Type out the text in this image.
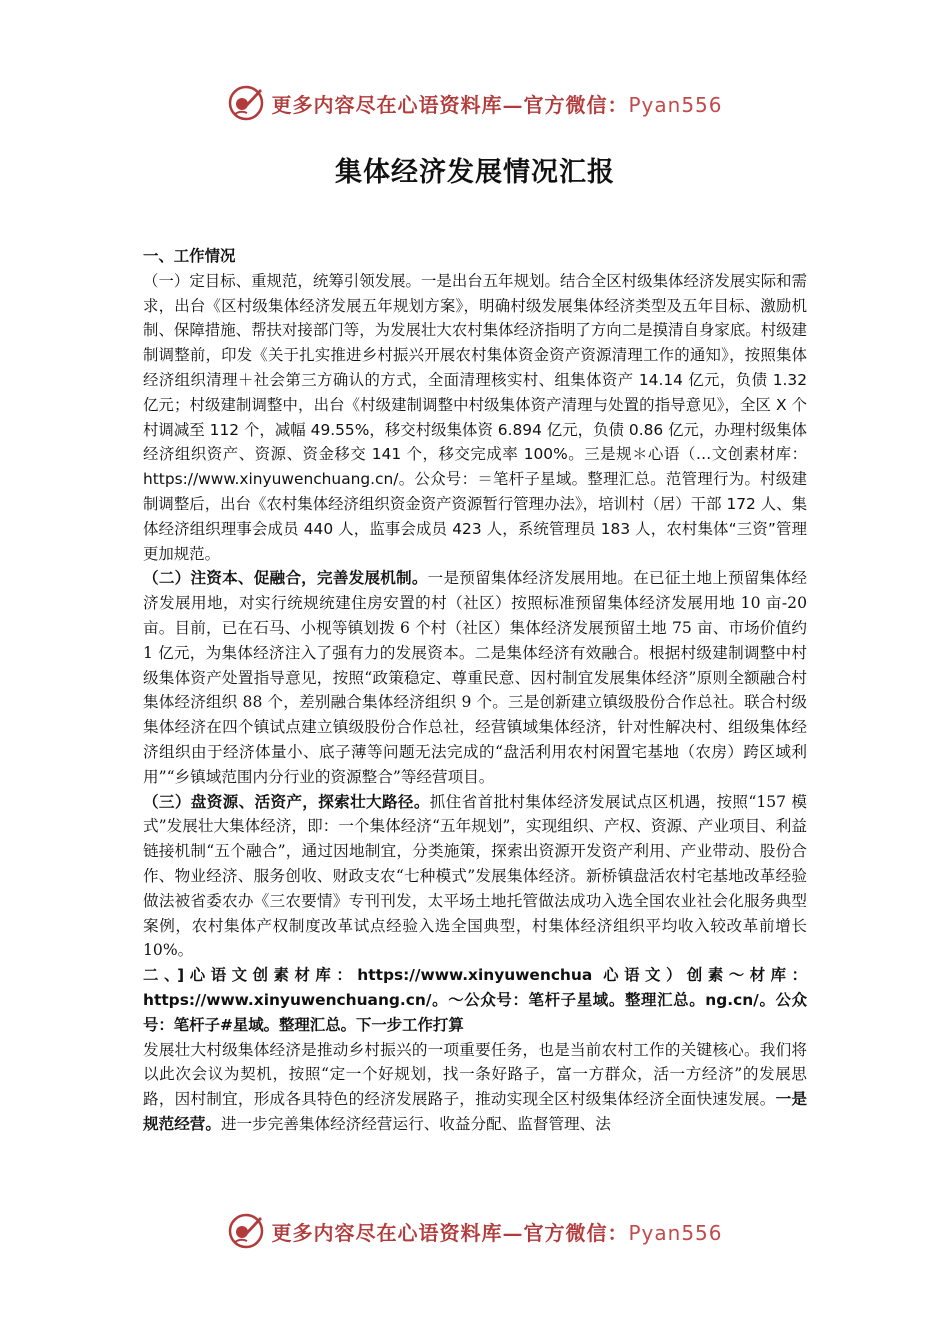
更多内容尽在心语资料库—官方微信：Pyan556
集体经济发展情况汇报

一、工作情况

（一）定目标、重规范，统筹引领发展。一是出台五年规划。结合全区村级集体经济发展实际和需求，出台《区村级集体经济发展五年规划方案》，明确村级发展集体经济类型及五年目标、激励机制、保障措施、帮扶对接部门等，为发展壮大农村集体经济指明了方向二是摸清自身家底。村级建制调整前，印发《关于扎实推进乡村振兴开展农村集体资金资产资源清理工作的通知》，按照集体经济组织清理＋社会第三方确认的方式，全面清理核实村、组集体资产 14.14 亿元，负债 1.32 亿元；村级建制调整中，出台《村级建制调整中村级集体资产清理与处置的指导意见》，全区 X 个村调减至 112 个，减幅 49.55%，移交村级集体资 6.894 亿元，负债 0.86 亿元，办理村级集体经济组织资产、资源、资金移交 141 个，移交完成率 100%。三是规＊心语（…文创素材库：https://www.xinyuwenchuang.cn/。公众号：＝笔杆子星域。整理汇总。范管理行为。村级建制调整后，出台《农村集体经济组织资金资产资源暂行管理办法》，培训村（居）干部 172 人、集体经济组织理事会成员 440 人，监事会成员 423 人，系统管理员 183 人，农村集体“三资”管理更加规范。

（二）注资本、促融合，完善发展机制。一是预留集体经济发展用地。在已征土地上预留集体经济发展用地，对实行统规统建住房安置的村（社区）按照标准预留集体经济发展用地 10 亩-20 亩。目前，已在石马、小枧等镇划拨 6 个村（社区）集体经济发展预留土地 75 亩、市场价值约 1 亿元，为集体经济注入了强有力的发展资本。二是集体经济有效融合。根据村级建制调整中村级集体资产处置指导意见，按照“政策稳定、尊重民意、因村制宜发展集体经济”原则全额融合村集体经济组织 88 个，差别融合集体经济组织 9 个。三是创新建立镇级股份合作总社。联合村级集体经济在四个镇试点建立镇级股份合作总社，经营镇域集体经济，针对性解决村、组级集体经济组织由于经济体量小、底子薄等问题无法完成的“盘活利用农村闲置宅基地（农房）跨区域利用”“乡镇域范围内分行业的资源整合”等经营项目。

（三）盘资源、活资产，探索壮大路径。抓住省首批村集体经济发展试点区机遇，按照“157 模式”发展壮大集体经济，即：一个集体经济“五年规划”，实现组织、产权、资源、产业项目、利益链接机制“五个融合”，通过因地制宜，分类施策，探索出资源开发资产利用、产业带动、股份合作、物业经济、服务创收、财政支农“七种模式”发展集体经济。新桥镇盘活农村宅基地改革经验做法被省委农办《三农要情》专刊刊发，太平场土地托管做法成功入选全国农业社会化服务典型案例，农村集体产权制度改革试点经验入选全国典型，村集体经济组织平均收入较改革前增长 10%。

二、]心语文创素材库：https://www.xinyuwenchua 心语文）创素～材库：https://www.xinyuwenchuang.cn/。～公众号：笔杆子星域。整理汇总。ng.cn/。公众号：笔杆子#星域。整理汇总。下一步工作打算

发展壮大村级集体经济是推动乡村振兴的一项重要任务，也是当前农村工作的关键核心。我们将以此次会议为契机，按照“定一个好规划，找一条好路子，富一方群众，活一方经济”的发展思路，因村制宜，形成各具特色的经济发展路子，推动实现全区村级集体经济全面快速发展。一是规范经营。进一步完善集体经济经营运行、收益分配、监督管理、法

更多内容尽在心语资料库—官方微信：Pyan556
